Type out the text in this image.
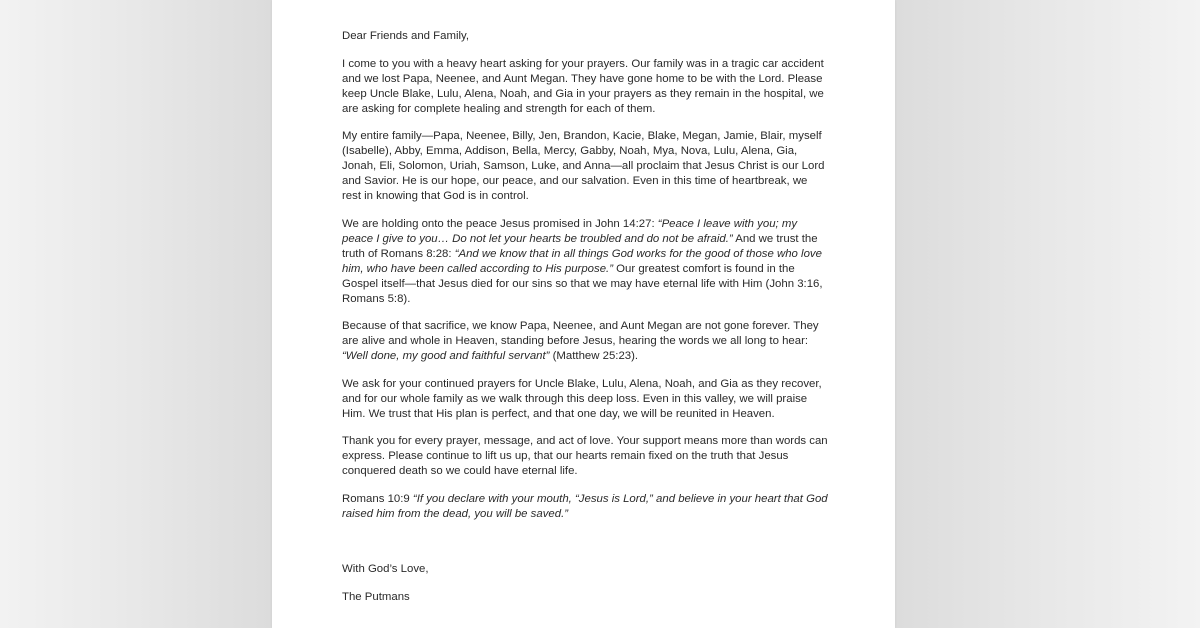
Dear Friends and Family,

I come to you with a heavy heart asking for your prayers. Our family was in a tragic car accident and we lost Papa, Neenee, and Aunt Megan. They have gone home to be with the Lord. Please keep Uncle Blake, Lulu, Alena, Noah, and Gia in your prayers as they remain in the hospital, we are asking for complete healing and strength for each of them.

My entire family—Papa, Neenee, Billy, Jen, Brandon, Kacie, Blake, Megan, Jamie, Blair, myself (Isabelle), Abby, Emma, Addison, Bella, Mercy, Gabby, Noah, Mya, Nova, Lulu, Alena, Gia, Jonah, Eli, Solomon, Uriah, Samson, Luke, and Anna—all proclaim that Jesus Christ is our Lord and Savior. He is our hope, our peace, and our salvation. Even in this time of heartbreak, we rest in knowing that God is in control.

We are holding onto the peace Jesus promised in John 14:27: “Peace I leave with you; my peace I give to you… Do not let your hearts be troubled and do not be afraid.” And we trust the truth of Romans 8:28: “And we know that in all things God works for the good of those who love him, who have been called according to His purpose.” Our greatest comfort is found in the Gospel itself—that Jesus died for our sins so that we may have eternal life with Him (John 3:16, Romans 5:8).

Because of that sacrifice, we know Papa, Neenee, and Aunt Megan are not gone forever. They are alive and whole in Heaven, standing before Jesus, hearing the words we all long to hear: “Well done, my good and faithful servant” (Matthew 25:23).

We ask for your continued prayers for Uncle Blake, Lulu, Alena, Noah, and Gia as they recover, and for our whole family as we walk through this deep loss. Even in this valley, we will praise Him. We trust that His plan is perfect, and that one day, we will be reunited in Heaven.

Thank you for every prayer, message, and act of love. Your support means more than words can express. Please continue to lift us up, that our hearts remain fixed on the truth that Jesus conquered death so we could have eternal life.

Romans 10:9 “If you declare with your mouth, “Jesus is Lord,” and believe in your heart that God raised him from the dead, you will be saved.”

With God’s Love,

The Putmans
